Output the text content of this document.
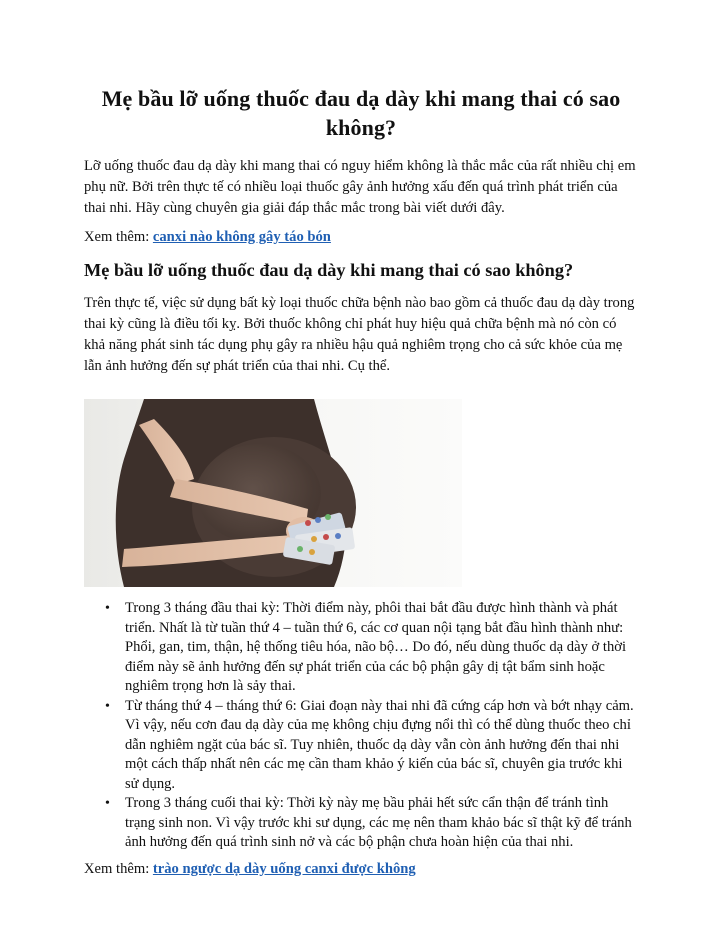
Mẹ bầu lỡ uống thuốc đau dạ dày khi mang thai có sao không?

Lỡ uống thuốc đau dạ dày khi mang thai có nguy hiểm không là thắc mắc của rất nhiều chị em phụ nữ. Bởi trên thực tế có nhiều loại thuốc gây ảnh hưởng xấu đến quá trình phát triển của thai nhi. Hãy cùng chuyên gia giải đáp thắc mắc trong bài viết dưới đây.

Xem thêm: canxi nào không gây táo bón

Mẹ bầu lỡ uống thuốc đau dạ dày khi mang thai có sao không?

Trên thực tế, việc sử dụng bất kỳ loại thuốc chữa bệnh nào bao gồm cả thuốc đau dạ dày trong thai kỳ cũng là điều tối kỵ. Bởi thuốc không chỉ phát huy hiệu quả chữa bệnh mà nó còn có khả năng phát sinh tác dụng phụ gây ra nhiều hậu quả nghiêm trọng cho cả sức khỏe của mẹ lẫn ảnh hưởng đến sự phát triển của thai nhi. Cụ thể.

• Trong 3 tháng đầu thai kỳ: Thời điểm này, phôi thai bắt đầu được hình thành và phát triển. Nhất là từ tuần thứ 4 – tuần thứ 6, các cơ quan nội tạng bắt đầu hình thành như: Phổi, gan, tim, thận, hệ thống tiêu hóa, não bộ… Do đó, nếu dùng thuốc dạ dày ở thời điểm này sẽ ảnh hưởng đến sự phát triển của các bộ phận gây dị tật bẩm sinh hoặc nghiêm trọng hơn là sảy thai.
• Từ tháng thứ 4 – tháng thứ 6: Giai đoạn này thai nhi đã cứng cáp hơn và bớt nhạy cảm. Vì vậy, nếu cơn đau dạ dày của mẹ không chịu đựng nổi thì có thể dùng thuốc theo chỉ dẫn nghiêm ngặt của bác sĩ. Tuy nhiên, thuốc dạ dày vẫn còn ảnh hưởng đến thai nhi một cách thấp nhất nên các mẹ cần tham khảo ý kiến của bác sĩ, chuyên gia trước khi sử dụng.
• Trong 3 tháng cuối thai kỳ: Thời kỳ này mẹ bầu phải hết sức cẩn thận để tránh tình trạng sinh non. Vì vậy trước khi sư dụng, các mẹ nên tham khảo bác sĩ thật kỹ để tránh ảnh hưởng đến quá trình sinh nở và các bộ phận chưa hoàn hiện của thai nhi.

Xem thêm: trào ngược dạ dày uống canxi được không
